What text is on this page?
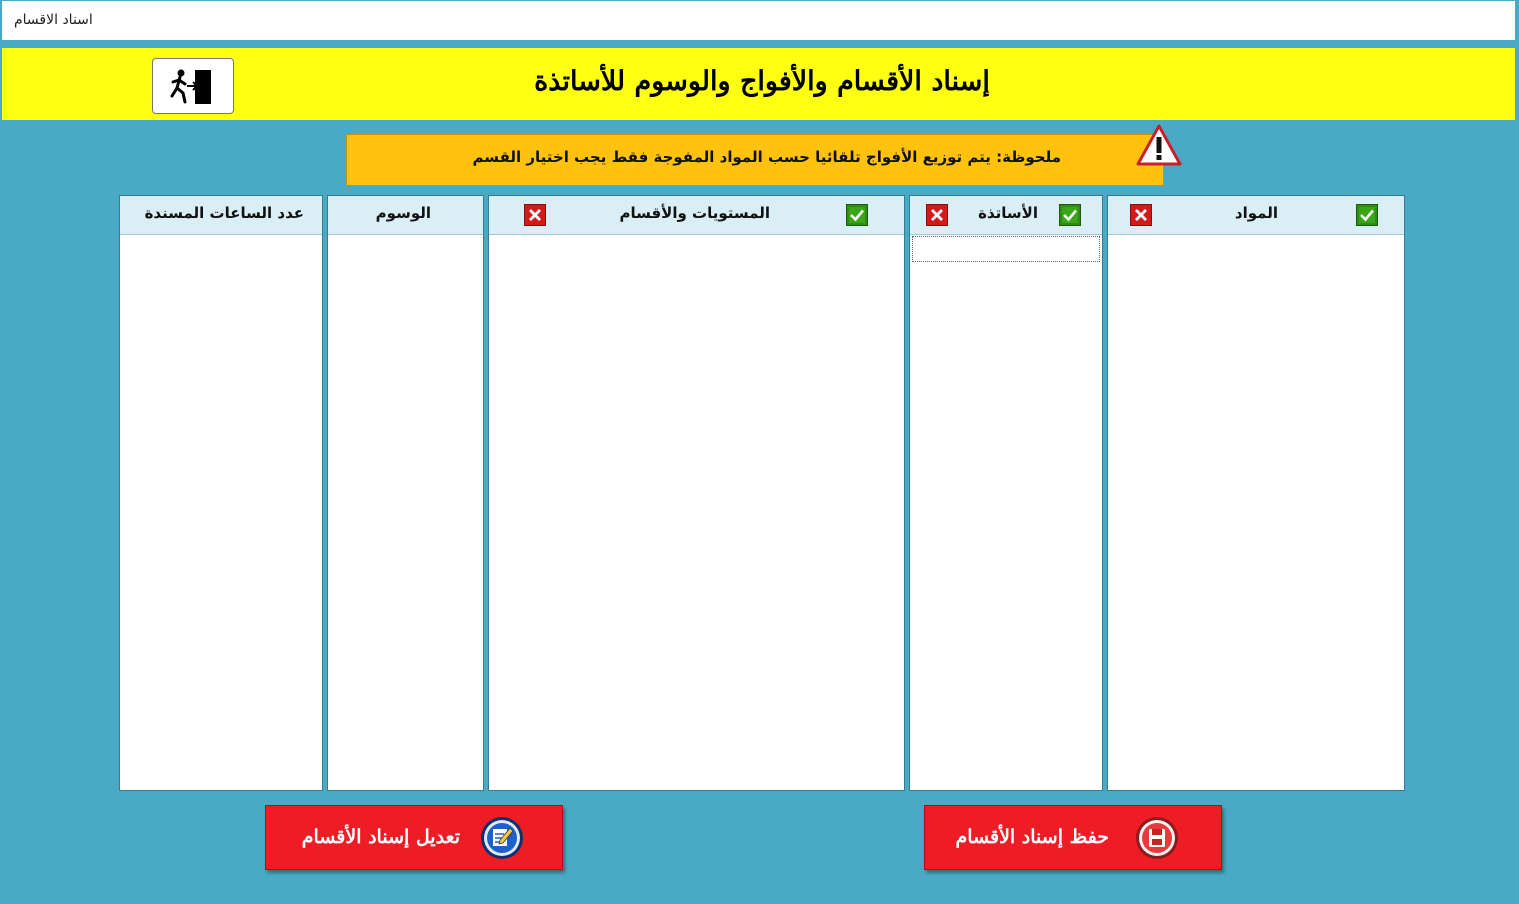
اسناد الاقسام
إسناد الأقسام والأفواج والوسوم للأساتذة
ملحوظة: يتم توزيع الأفواج تلقائيا حسب المواد المفوجة فقط يجب اختيار القسم
المواد
الأساتذة
المستويات والأقسام
الوسوم
عدد الساعات المسندة
حفظ إسناد الأقسام
تعديل إسناد الأقسام
